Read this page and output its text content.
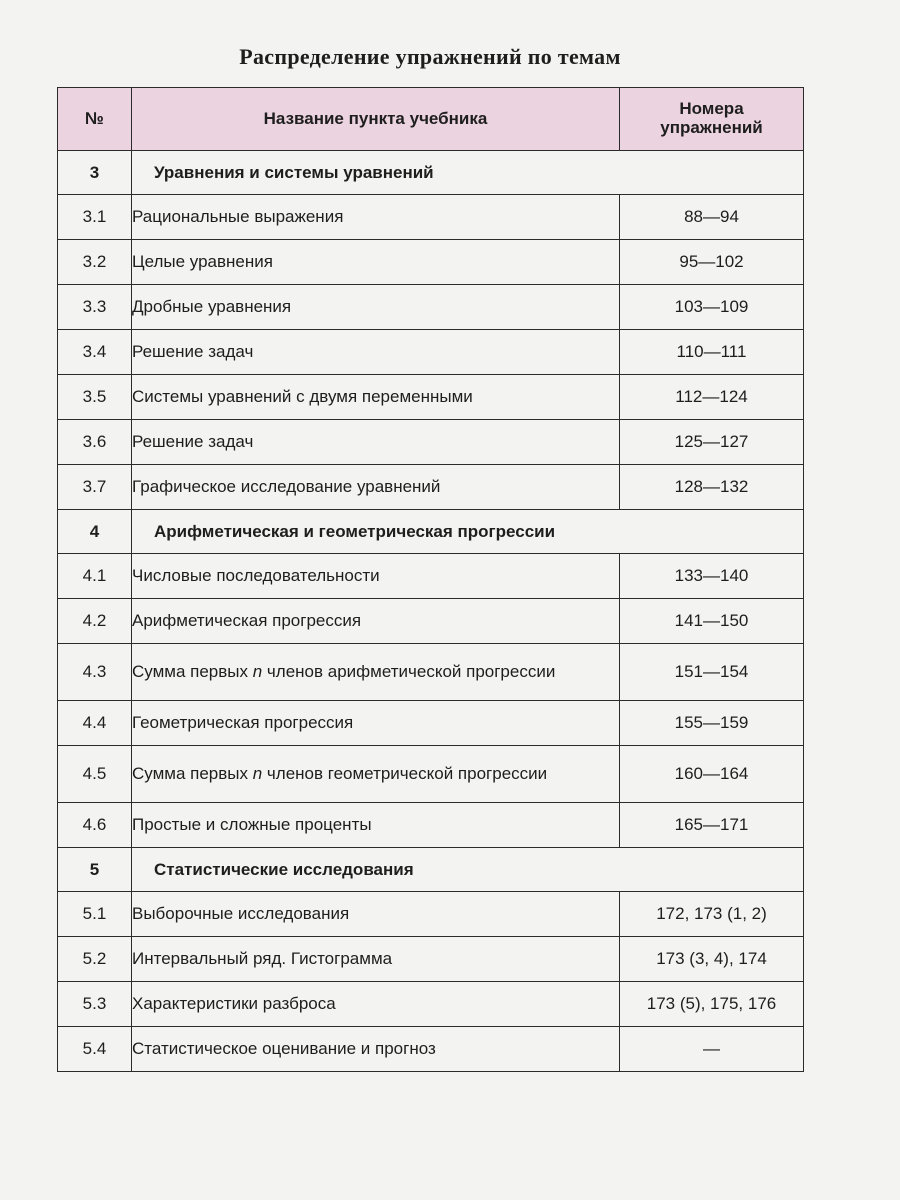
Распределение упражнений по темам
№	Название пункта учебника	Номера
упражнений
3	Уравнения и системы уравнений	
3.1	Рациональные выражения	88—94
3.2	Целые уравнения	95—102
3.3	Дробные уравнения	103—109
3.4	Решение задач	110—111
3.5	Системы уравнений с двумя переменными	112—124
3.6	Решение задач	125—127
3.7	Графическое исследование уравнений	128—132
4	Арифметическая и геометрическая прогрессии	
4.1	Числовые последовательности	133—140
4.2	Арифметическая прогрессия	141—150
4.3	Сумма первых n членов арифметической прогрессии	151—154
4.4	Геометрическая прогрессия	155—159
4.5	Сумма первых n членов геометрической прогрессии	160—164
4.6	Простые и сложные проценты	165—171
5	Статистические исследования	
5.1	Выборочные исследования	172, 173 (1, 2)
5.2	Интервальный ряд. Гистограмма	173 (3, 4), 174
5.3	Характеристики разброса	173 (5), 175, 176
5.4	Статистическое оценивание и прогноз	—
